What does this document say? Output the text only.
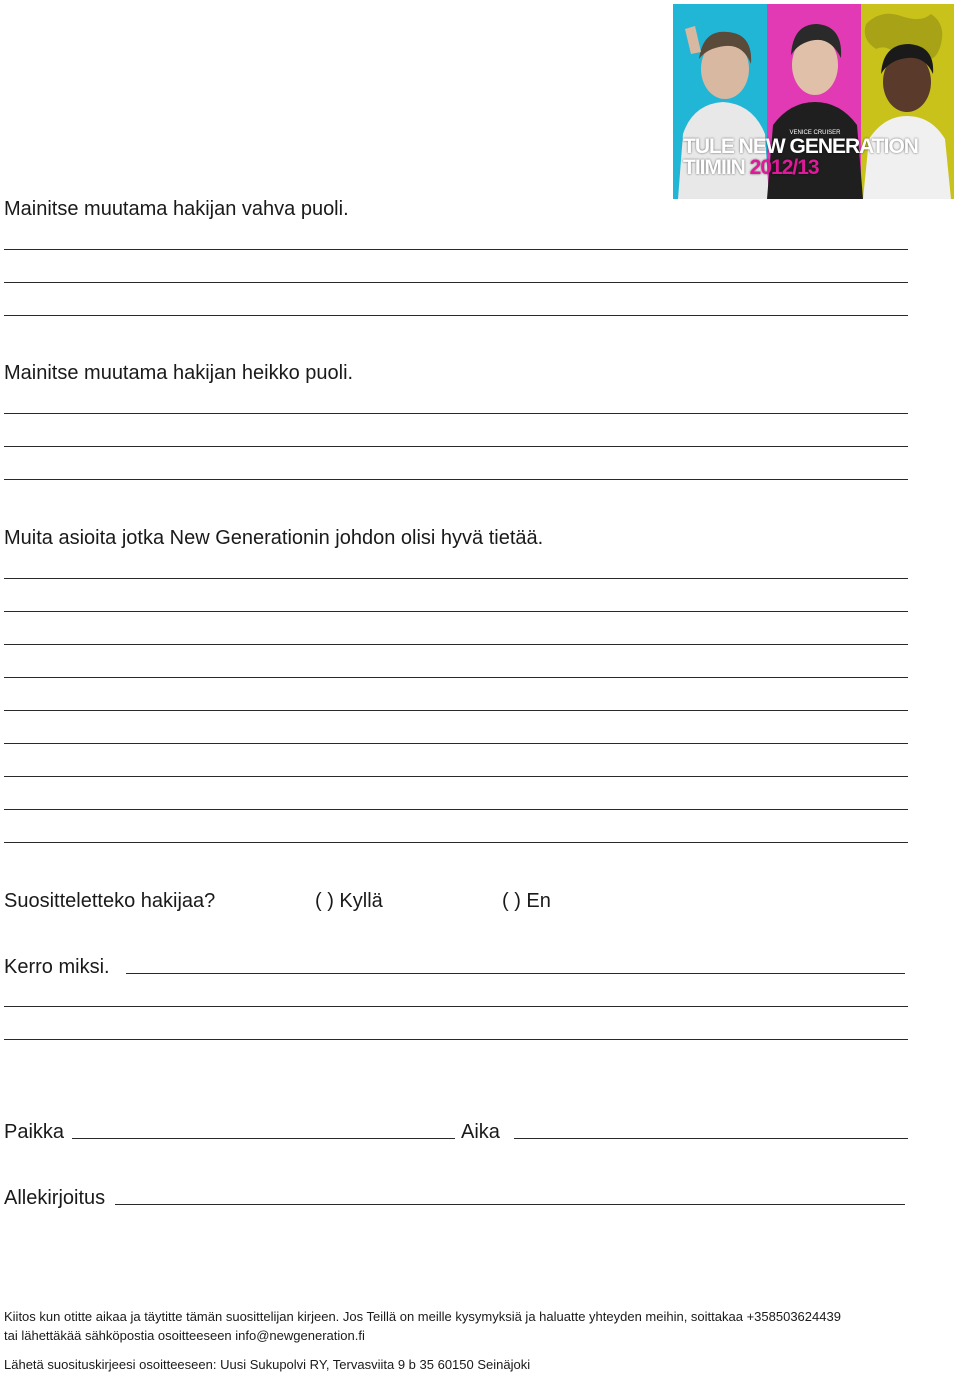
VENICE CRUISER
TULE NEW GENERATION
TIIMIIN 2012/13
Mainitse muutama hakijan vahva puoli.
Mainitse muutama hakijan heikko puoli.
Muita asioita jotka New Generationin johdon olisi hyvä tietää.
Suositteletteko hakijaa?	( ) Kyllä	( ) En
Kerro miksi.
Paikka	Aika
Allekirjoitus
Kiitos kun otitte aikaa ja täytitte tämän suosittelijan kirjeen. Jos Teillä on meille kysymyksiä ja haluatte yhteyden meihin, soittakaa +358503624439
tai lähettäkää sähköpostia osoitteeseen info@newgeneration.fi
Lähetä suosituskirjeesi osoitteeseen: Uusi Sukupolvi RY, Tervasviita 9 b 35 60150 Seinäjoki
